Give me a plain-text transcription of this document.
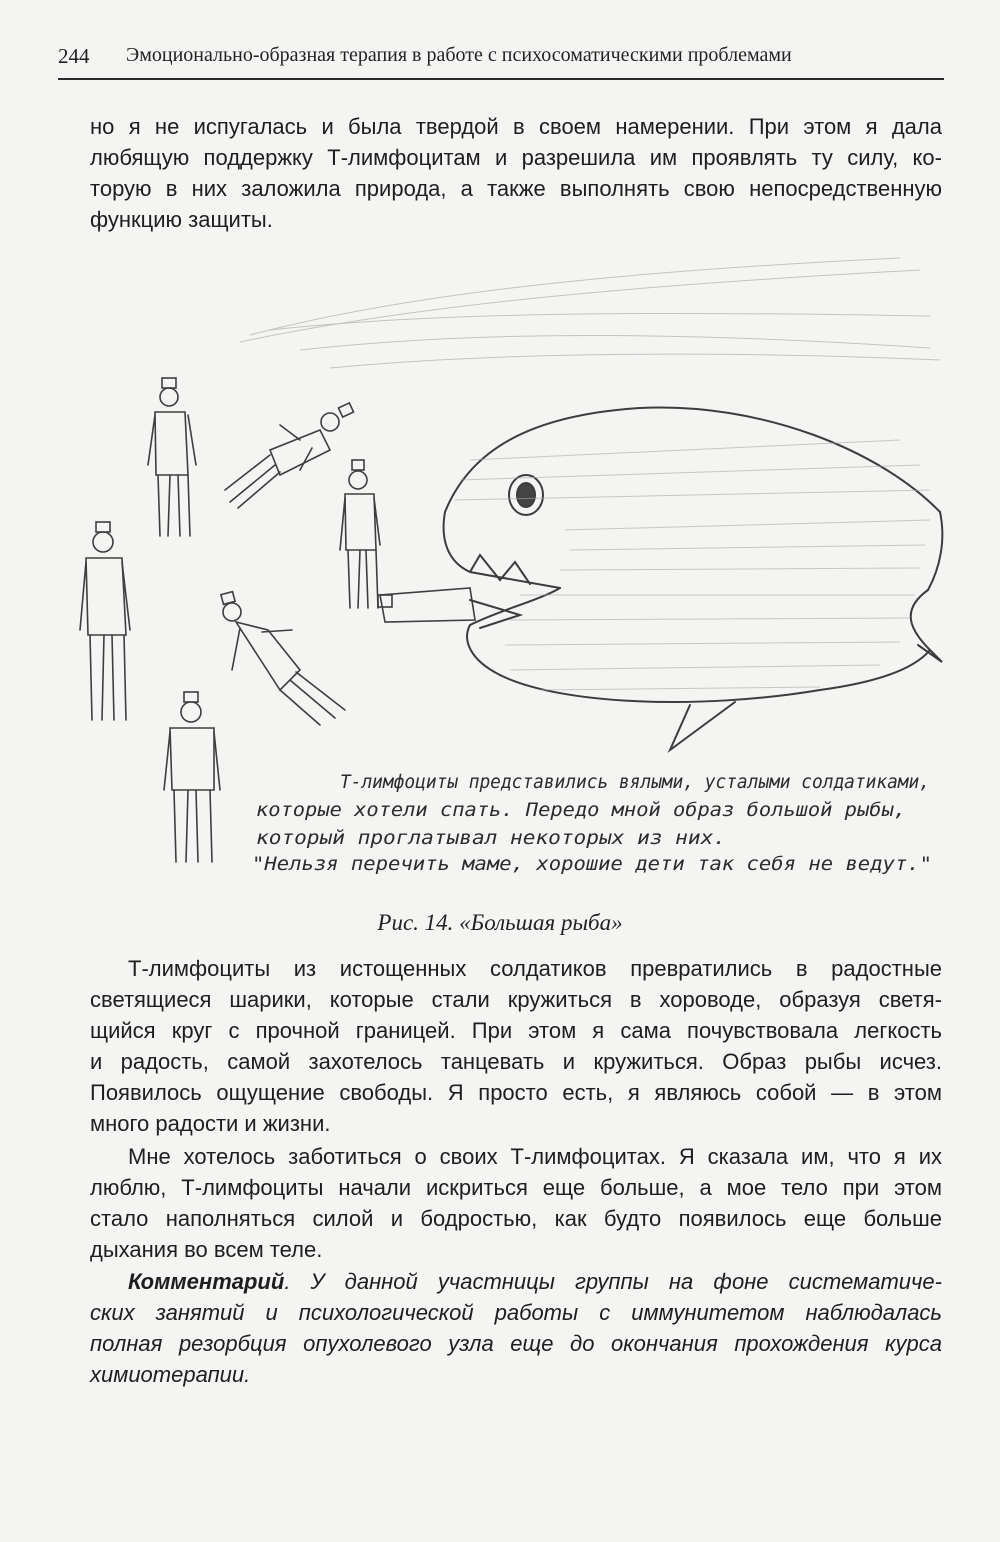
244 Эмоционально-образная терапия в работе с психосоматическими проблемами
но я не испугалась и была твердой в своем намерении. При этом я дала
любящую поддержку Т-лимфоцитам и разрешила им проявлять ту силу, ко-
торую в них заложила природа, а также выполнять свою непосредственную
функцию защиты.
Т-лимфоциты представились вялыми, усталыми солдатиками,
которые хотели спать. Передо мной образ большой рыбы,
который проглатывал некоторых из них.
"Нельзя перечить маме, хорошие дети так себя не ведут."
Рис. 14. «Большая рыба»
Т-лимфоциты из истощенных солдатиков превратились в радостные
светящиеся шарики, которые стали кружиться в хороводе, образуя светя-
щийся круг с прочной границей. При этом я сама почувствовала легкость
и радость, самой захотелось танцевать и кружиться. Образ рыбы исчез.
Появилось ощущение свободы. Я просто есть, я являюсь собой — в этом
много радости и жизни.
Мне хотелось заботиться о своих Т-лимфоцитах. Я сказала им, что я их
люблю, Т-лимфоциты начали искриться еще больше, а мое тело при этом
стало наполняться силой и бодростью, как будто появилось еще больше
дыхания во всем теле.
Комментарий. У данной участницы группы на фоне систематиче-
ских занятий и психологической работы с иммунитетом наблюдалась
полная резорбция опухолевого узла еще до окончания прохождения курса
химиотерапии.
